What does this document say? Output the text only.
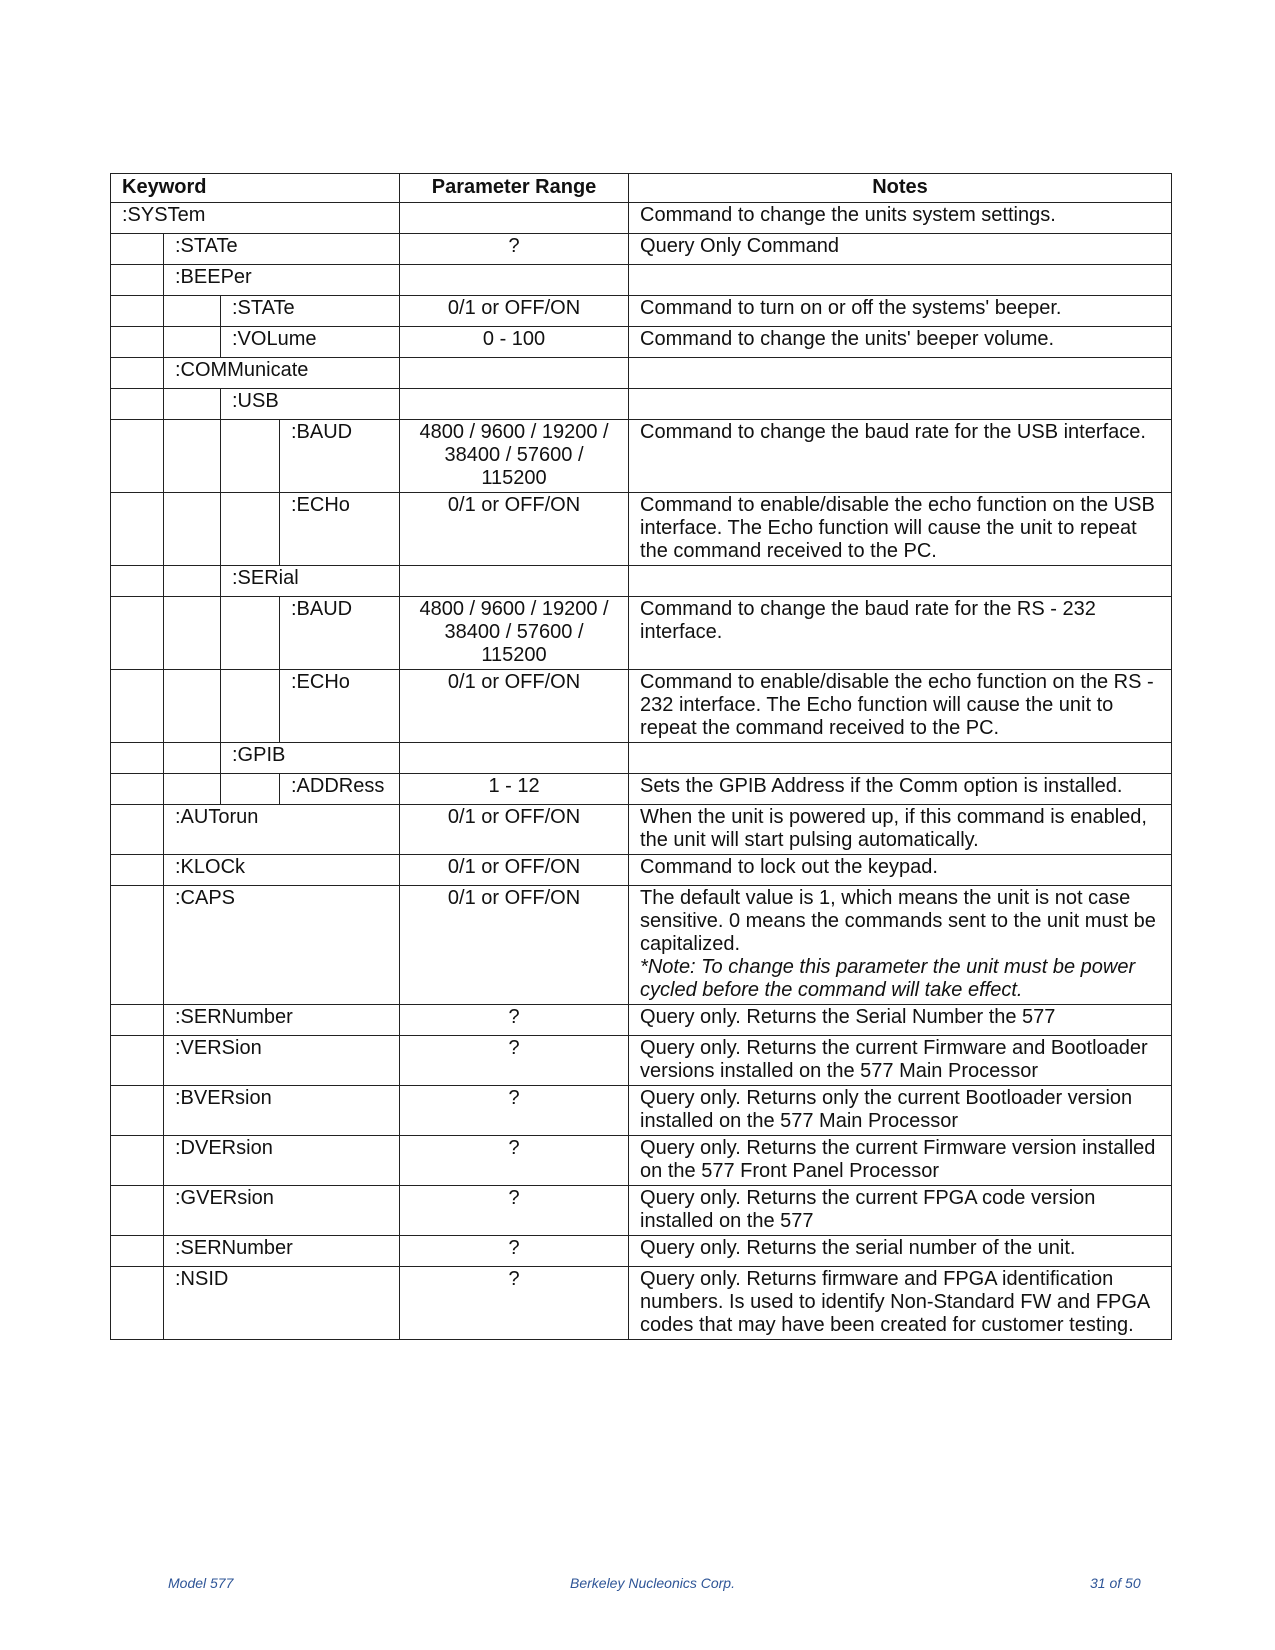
Keyword				Parameter Range	Notes
:SYSTem					Command to change the units system settings.

	:STATe			?	Query Only Command

	:BEEPer				

		:STATe		0/1 or OFF/ON	Command to turn on or off the systems' beeper.

		:VOLume		0 - 100	Command to change the units' beeper volume.

	:COMMunicate				

		:USB			

			:BAUD	4800 / 9600 / 19200 / 38400 / 57600 / 115200	Command to change the baud rate for the USB interface.

			:ECHo	0/1 or OFF/ON	Command to enable/disable the echo function on the USB interface. The Echo function will cause the unit to repeat the command received to the PC.

		:SERial			

			:BAUD	4800 / 9600 / 19200 / 38400 / 57600 / 115200	Command to change the baud rate for the RS - 232 interface.

			:ECHo	0/1 or OFF/ON	Command to enable/disable the echo function on the RS - 232 interface. The Echo function will cause the unit to repeat the command received to the PC.

		:GPIB			

			:ADDRess	1 - 12	Sets the GPIB Address if the Comm option is installed.

	:AUTorun			0/1 or OFF/ON	When the unit is powered up, if this command is enabled, the unit will start pulsing automatically.

	:KLOCk			0/1 or OFF/ON	Command to lock out the keypad.

	:CAPS			0/1 or OFF/ON	The default value is 1, which means the unit is not case sensitive. 0 means the commands sent to the unit must be capitalized.
*Note: To change this parameter the unit must be power cycled before the command will take effect.

	:SERNumber			?	Query only. Returns the Serial Number the 577

	:VERSion			?	Query only. Returns the current Firmware and Bootloader versions installed on the 577 Main Processor

	:BVERsion			?	Query only. Returns only the current Bootloader version installed on the 577 Main Processor

	:DVERsion			?	Query only. Returns the current Firmware version installed on the 577 Front Panel Processor

	:GVERsion			?	Query only. Returns the current FPGA code version installed on the 577

	:SERNumber			?	Query only. Returns the serial number of the unit.

	:NSID			?	Query only. Returns firmware and FPGA identification numbers. Is used to identify Non-Standard FW and FPGA codes that may have been created for customer testing.
Model 577	Berkeley Nucleonics Corp.	31 of 50
